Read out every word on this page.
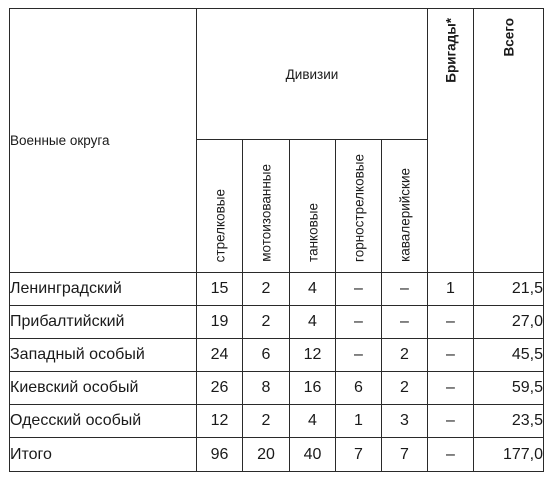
Военные округа	Дивизии					Бригады*	Всего

	стрелковые	мотоизованные	танковые	горнострелковые	кавалерийские		

Ленинградский	15	2	4	–	–	1	21,5
Прибалтийский	19	2	4	–	–	–	27,0
Западный особый	24	6	12	–	2	–	45,5
Киевский особый	26	8	16	6	2	–	59,5
Одесский особый	12	2	4	1	3	–	23,5
Итого	96	20	40	7	7	–	177,0
